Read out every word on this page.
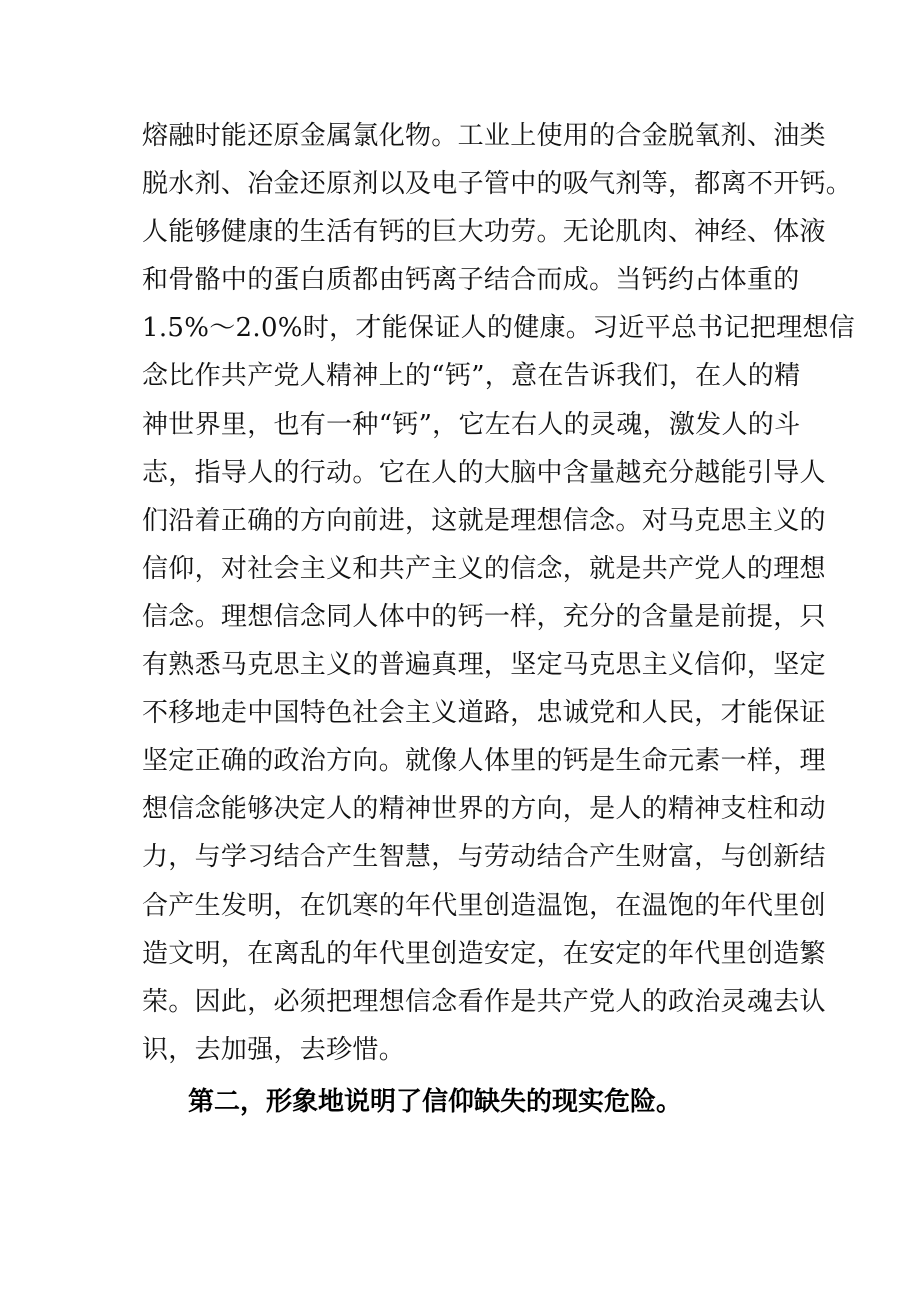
熔融时能还原金属氯化物。工业上使用的合金脱氧剂、油类
脱水剂、冶金还原剂以及电子管中的吸气剂等，都离不开钙。
人能够健康的生活有钙的巨大功劳。无论肌肉、神经、体液
和骨骼中的蛋白质都由钙离子结合而成。当钙约占体重的
1.5%～2.0%时，才能保证人的健康。习近平总书记把理想信
念比作共产党人精神上的“钙”，意在告诉我们，在人的精
神世界里，也有一种“钙”，它左右人的灵魂，激发人的斗
志，指导人的行动。它在人的大脑中含量越充分越能引导人
们沿着正确的方向前进，这就是理想信念。对马克思主义的
信仰，对社会主义和共产主义的信念，就是共产党人的理想
信念。理想信念同人体中的钙一样，充分的含量是前提，只
有熟悉马克思主义的普遍真理，坚定马克思主义信仰，坚定
不移地走中国特色社会主义道路，忠诚党和人民，才能保证
坚定正确的政治方向。就像人体里的钙是生命元素一样，理
想信念能够决定人的精神世界的方向，是人的精神支柱和动
力，与学习结合产生智慧，与劳动结合产生财富，与创新结
合产生发明，在饥寒的年代里创造温饱，在温饱的年代里创
造文明，在离乱的年代里创造安定，在安定的年代里创造繁
荣。因此，必须把理想信念看作是共产党人的政治灵魂去认
识，去加强，去珍惜。
第二，形象地说明了信仰缺失的现实危险。
